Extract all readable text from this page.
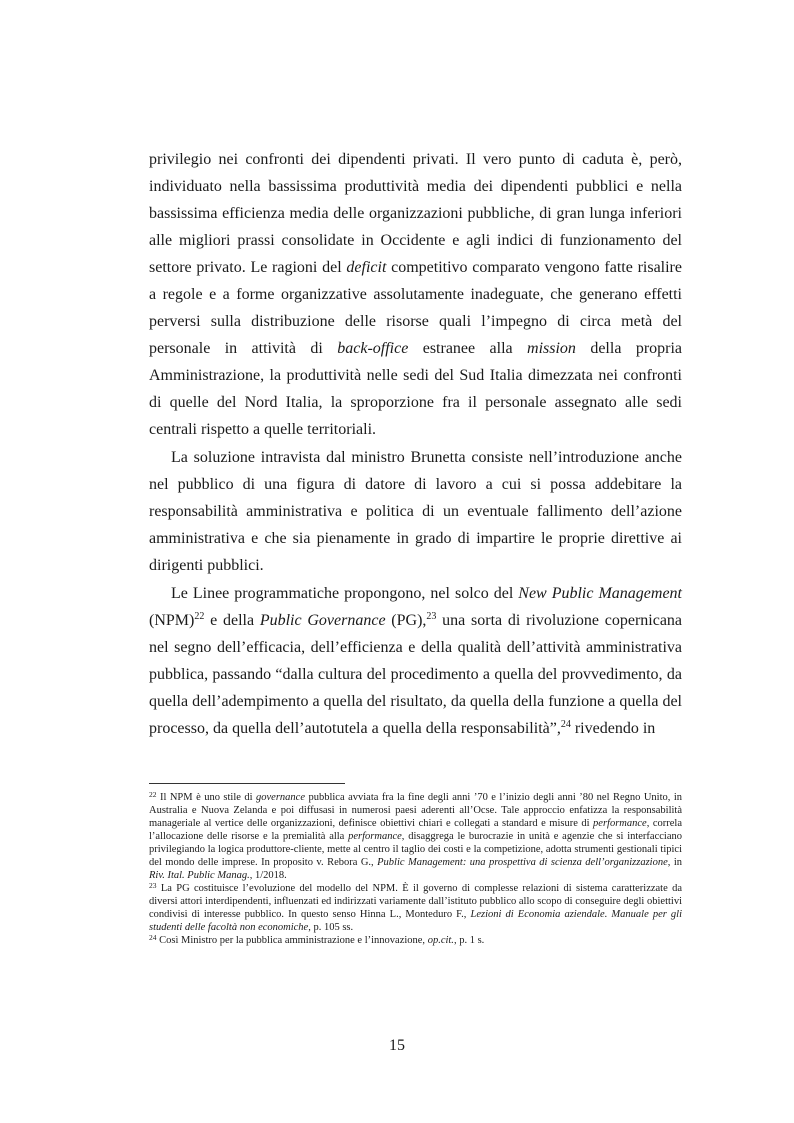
privilegio nei confronti dei dipendenti privati. Il vero punto di caduta è, però, individuato nella bassissima produttività media dei dipendenti pubblici e nella bassissima efficienza media delle organizzazioni pubbliche, di gran lunga inferiori alle migliori prassi consolidate in Occidente e agli indici di funzionamento del settore privato. Le ragioni del deficit competitivo comparato vengono fatte risalire a regole e a forme organizzative assolutamente inadeguate, che generano effetti perversi sulla distribuzione delle risorse quali l’impegno di circa metà del personale in attività di back-office estranee alla mission della propria Amministrazione, la produttività nelle sedi del Sud Italia dimezzata nei confronti di quelle del Nord Italia, la sproporzione fra il personale assegnato alle sedi centrali rispetto a quelle territoriali.

La soluzione intravista dal ministro Brunetta consiste nell’introduzione anche nel pubblico di una figura di datore di lavoro a cui si possa addebitare la responsabilità amministrativa e politica di un eventuale fallimento dell’azione amministrativa e che sia pienamente in grado di impartire le proprie direttive ai dirigenti pubblici.

Le Linee programmatiche propongono, nel solco del New Public Management (NPM)$^{22}$ e della Public Governance (PG),$^{23}$ una sorta di rivoluzione copernicana nel segno dell’efficacia, dell’efficienza e della qualità dell’attività amministrativa pubblica, passando “dalla cultura del procedimento a quella del provvedimento, da quella dell’adempimento a quella del risultato, da quella della funzione a quella del processo, da quella dell’autotutela a quella della responsabilità”,$^{24}$ rivedendo in

$^{22}$ Il NPM è uno stile di governance pubblica avviata fra la fine degli anni ’70 e l’inizio degli anni ’80 nel Regno Unito, in Australia e Nuova Zelanda e poi diffusasi in numerosi paesi aderenti all’Ocse. Tale approccio enfatizza la responsabilità manageriale al vertice delle organizzazioni, definisce obiettivi chiari e collegati a standard e misure di performance, correla l’allocazione delle risorse e la premialità alla performance, disaggrega le burocrazie in unità e agenzie che si interfacciano privilegiando la logica produttore-cliente, mette al centro il taglio dei costi e la competizione, adotta strumenti gestionali tipici del mondo delle imprese. In proposito v. Rebora G., Public Management: una prospettiva di scienza dell’organizzazione, in Riv. Ital. Public Manag., 1/2018.

$^{23}$ La PG costituisce l’evoluzione del modello del NPM. È il governo di complesse relazioni di sistema caratterizzate da diversi attori interdipendenti, influenzati ed indirizzati variamente dall’istituto pubblico allo scopo di conseguire degli obiettivi condivisi di interesse pubblico. In questo senso Hinna L., Monteduro F., Lezioni di Economia aziendale. Manuale per gli studenti delle facoltà non economiche, p. 105 ss.

$^{24}$ Così Ministro per la pubblica amministrazione e l’innovazione, op.cit., p. 1 s.

15
